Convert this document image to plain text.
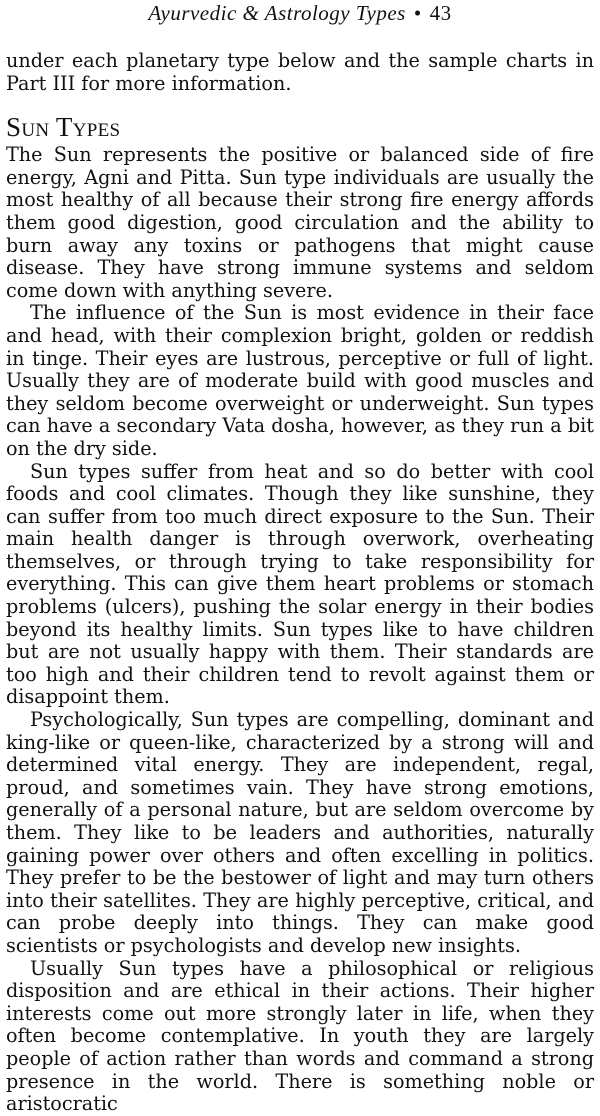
Ayurvedic & Astrology Types • 43

under each planetary type below and the sample charts in Part III for more information.

Sun Types

The Sun represents the positive or balanced side of fire energy, Agni and Pitta. Sun type individuals are usually the most healthy of all because their strong fire energy affords them good digestion, good circulation and the ability to burn away any toxins or pathogens that might cause disease. They have strong immune systems and seldom come down with anything severe.

The influence of the Sun is most evidence in their face and head, with their complexion bright, golden or reddish in tinge. Their eyes are lustrous, perceptive or full of light. Usually they are of moderate build with good muscles and they seldom become overweight or underweight. Sun types can have a secondary Vata dosha, however, as they run a bit on the dry side.

Sun types suffer from heat and so do better with cool foods and cool climates. Though they like sunshine, they can suffer from too much direct exposure to the Sun. Their main health danger is through overwork, overheating themselves, or through trying to take responsibility for everything. This can give them heart problems or stomach problems (ulcers), pushing the solar energy in their bodies beyond its healthy limits. Sun types like to have children but are not usually happy with them. Their standards are too high and their children tend to revolt against them or disappoint them.

Psychologically, Sun types are compelling, dominant and king-like or queen-like, characterized by a strong will and determined vital energy. They are independent, regal, proud, and sometimes vain. They have strong emotions, generally of a personal nature, but are seldom overcome by them. They like to be leaders and authorities, naturally gaining power over others and often excelling in politics. They prefer to be the bestower of light and may turn others into their satellites. They are highly perceptive, critical, and can probe deeply into things. They can make good scientists or psychologists and develop new insights.

Usually Sun types have a philosophical or religious disposition and are ethical in their actions. Their higher interests come out more strongly later in life, when they often become contemplative. In youth they are largely people of action rather than words and command a strong presence in the world. There is something noble or aristocratic
